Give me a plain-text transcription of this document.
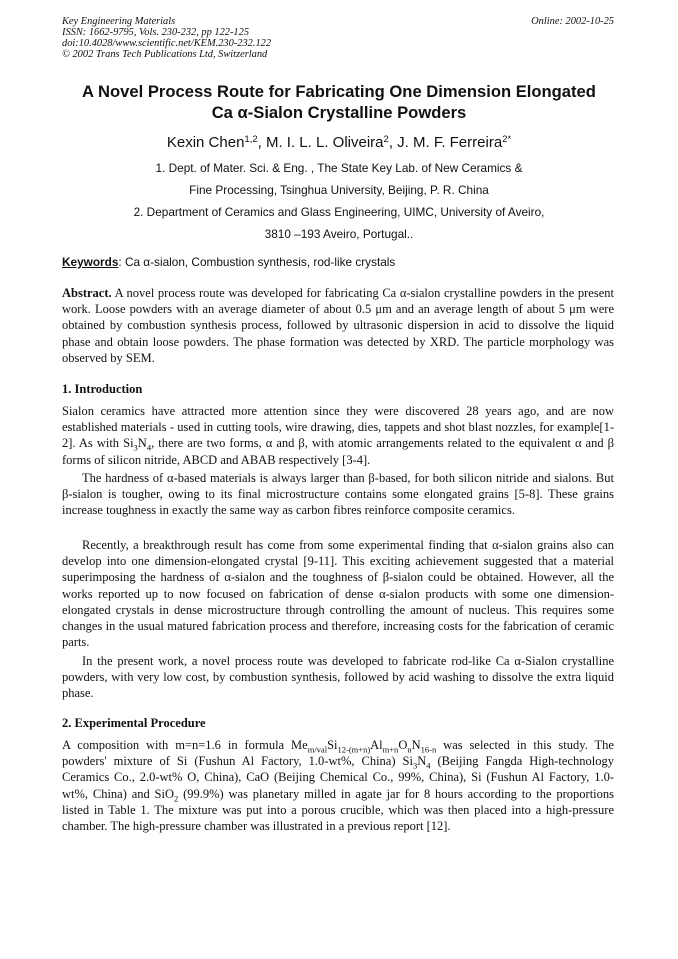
Key Engineering Materials
ISSN: 1662-9795, Vols. 230-232, pp 122-125
doi:10.4028/www.scientific.net/KEM.230-232.122
© 2002 Trans Tech Publications Ltd, Switzerland
Online: 2002-10-25
A Novel Process Route for Fabricating One Dimension Elongated
Ca α-Sialon Crystalline Powders
Kexin Chen$^{1,2}$, M. I. L. L. Oliveira$^2$, J. M. F. Ferreira$^{2*}$
1. Dept. of Mater. Sci. & Eng. , The State Key Lab. of New Ceramics &
Fine Processing, Tsinghua University, Beijing, P. R. China
2. Department of Ceramics and Glass Engineering, UIMC, University of Aveiro,
3810 –193 Aveiro, Portugal..
Keywords: Ca α-sialon, Combustion synthesis, rod-like crystals

Abstract. A novel process route was developed for fabricating Ca α-sialon crystalline powders in the present work. Loose powders with an average diameter of about 0.5 μm and an average length of about 5 μm were obtained by combustion synthesis process, followed by ultrasonic dispersion in acid to dissolve the liquid phase and obtain loose powders. The phase formation was detected by XRD. The particle morphology was observed by SEM.

1. Introduction

Sialon ceramics have attracted more attention since they were discovered 28 years ago, and are now established materials - used in cutting tools, wire drawing, dies, tappets and shot blast nozzles, for example[1-2]. As with $Si_3N_4$, there are two forms, α and β, with atomic arrangements related to the equivalent α and β forms of silicon nitride, ABCD and ABAB respectively [3-4].

The hardness of α-based materials is always larger than β-based, for both silicon nitride and sialons. But β-sialon is tougher, owing to its final microstructure contains some elongated grains [5-8]. These grains increase toughness in exactly the same way as carbon fibres reinforce composite ceramics.

Recently, a breakthrough result has come from some experimental finding that α-sialon grains also can develop into one dimension-elongated crystal [9-11]. This exciting achievement suggested that a material superimposing the hardness of α-sialon and the toughness of β-sialon could be obtained. However, all the works reported up to now focused on fabrication of dense α-sialon products with some one dimension-elongated crystals in dense microstructure through controlling the amount of nucleus. This requires some changes in the usual matured fabrication process and therefore, increasing costs for the fabrication of ceramic parts.

In the present work, a novel process route was developed to fabricate rod-like Ca α-Sialon crystalline powders, with very low cost, by combustion synthesis, followed by acid washing to dissolve the extra liquid phase.

2. Experimental Procedure

A composition with m=n=1.6 in formula $Me_{m/val}Si_{12-(m+n)}Al_{m+n}O_nN_{16-n}$ was selected in this study. The powders' mixture of Si (Fushun Al Factory, 1.0-wt%, China) $Si_3N_4$ (Beijing Fangda High-technology Ceramics Co., 2.0-wt% O, China), CaO (Beijing Chemical Co., 99%, China), Si (Fushun Al Factory, 1.0-wt%, China) and SiO$_2$ (99.9%) was planetary milled in agate jar for 8 hours according to the proportions listed in Table 1. The mixture was put into a porous crucible, which was then placed into a high-pressure chamber. The high-pressure chamber was illustrated in a previous report [12].
